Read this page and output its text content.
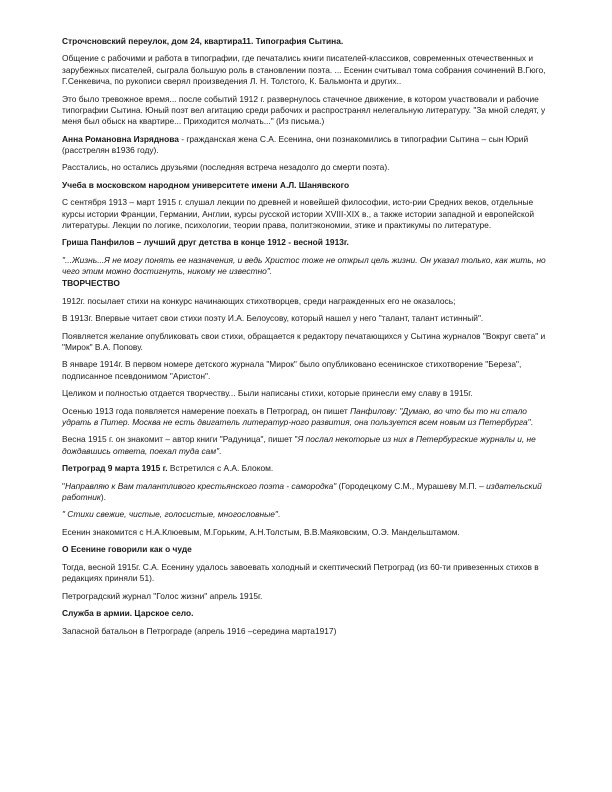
Строчсновский переулок, дом 24, квартира11. Типография Сытина.

Общение с рабочими и работа в типографии, где печатались книги писателей-классиков, современных отечественных и зарубежных писателей, сыграла большую роль в становлении поэта. ... Есенин считывал тома собрания сочинений В.Гюго, Г.Сенкевича, по рукописи сверял произведения Л. Н. Толстого, К. Бальмонта и других..

Это было тревожное время... после событий 1912 г. развернулось стачечное движение, в котором участвовали и рабочие типографии Сытина. Юный поэт вел агитацию среди рабочих и распространял нелегальную литературу. "За мной следят, у меня был обыск на квартире... Приходится молчать..." (Из письма.)

Анна Романовна Изряднова - гражданская жена С.А. Есенина, они познакомились в типографии Сытина – сын Юрий (расстрелян в1936 году).

Расстались, но остались друзьями (последняя встреча незадолго до смерти поэта).

Учеба в московском народном университете имени А.Л. Шанявского

С сентября 1913 – март 1915 г. слушал лекции по древней и новейшей философии, исто-рии Средних веков, отдельные курсы истории Франции, Германии, Англии, курсы русской истории XVIII-XIX в., а также истории западной и европейской литературы. Лекции по логике, психологии, теории права, политэкономии, этике и практикумы по литературе.

Гриша Панфилов – лучший друг детства в конце 1912 - весной 1913г.

"...Жизнь...Я не могу понять ее назначения, и ведь Христос тоже не открыл цель жизни. Он указал только, как жить, но чего этим можно достигнуть, никому не известно".

ТВОРЧЕСТВО

1912г. посылает стихи на конкурс начинающих стихотворцев, среди награжденных его не оказалось;

В 1913г. Впервые читает свои стихи поэту И.А. Белоусову, который нашел у него "талант, талант истинный".

Появляется желание опубликовать свои стихи, обращается к редактору печатающихся у Сытина журналов "Вокруг света" и "Мирок" В.А. Попову.

В январе 1914г. В первом номере детского журнала "Мирок" было опубликовано есенинское стихотворение "Береза", подписанное псевдонимом "Аристон".

Целиком и полностью отдается творчеству... Были написаны стихи, которые принесли ему славу в 1915г.

Осенью 1913 года появляется намерение поехать в Петроград, он пишет Панфилову: "Думаю, во что бы то ни стало удрать в Питер. Москва не есть двигатель литератур-ного развития, она пользуется всем новым из Петербурга".

Весна 1915 г. он знакомит – автор книги "Радуница", пишет "Я послал некоторые из них в Петербургские журналы и, не дождавшись ответа, поехал туда сам".

Петроград 9 марта 1915 г. Встретился с А.А. Блоком.

"Направляю к Вам талантливого крестьянского поэта - самородка" (Городецкому С.М., Мурашеву М.П. – издательский работник).

" Стихи свежие, чистые, голосистые, многословные".

Есенин знакомится с Н.А.Клюевым, М.Горьким, А.Н.Толстым, В.В.Маяковским, О.Э. Мандельштамом.

О Есенине говорили как о чуде

Тогда, весной 1915г. С.А. Есенину удалось завоевать холодный и скептический Петроград (из 60-ти привезенных стихов в редакциях приняли 51).

Петроградский журнал "Голос жизни" апрель 1915г.

Служба в армии. Царское село.

Запасной батальон в Петрограде (апрель 1916 –середина марта1917)
